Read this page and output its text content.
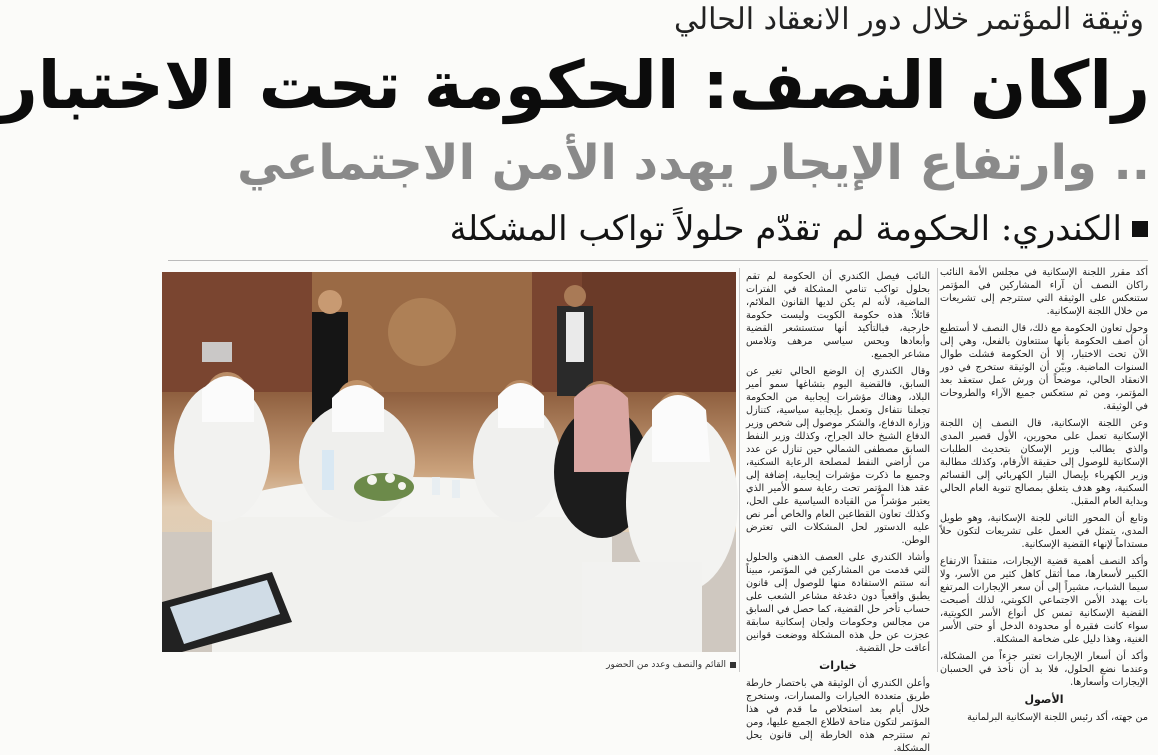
وثيقة المؤتمر خلال دور الانعقاد الحالي
راكان النصف: الحكومة تحت الاختبار
.. وارتفاع الإيجار يهدد الأمن الاجتماعي
الكندري: الحكومة لم تقدّم حلولاً تواكب المشكلة

أكد مقرر اللجنة الإسكانية في مجلس الأمة النائب راكان النصف أن آراء المشاركين في المؤتمر ستنعكس على الوثيقة التي ستترجم إلى تشريعات من خلال اللجنة الإسكانية.

وحول تعاون الحكومة مع ذلك، قال النصف لا أستطيع أن أصف الحكومة بأنها ستتعاون بالفعل، وهي إلى الآن تحت الاختبار، إلا أن الحكومة فشلت طوال السنوات الماضية. وبيّن أن الوثيقة ستخرج في دور الانعقاد الحالي، موضحاً أن ورش عمل ستعقد بعد المؤتمر، ومن ثم ستعكس جميع الآراء والطروحات في الوثيقة.

وعن اللجنة الإسكانية، قال النصف إن اللجنة الإسكانية تعمل على محورين، الأول قصير المدى والذي يطالب وزير الإسكان بتحديث الطلبات الإسكانية للوصول إلى حقيقة الأرقام، وكذلك مطالبة وزير الكهرباء بإيصال التيار الكهربائي إلى القسائم السكنية، وهو هدف يتعلق بمصالح تنوية العام الحالي وبداية العام المقبل.

وتابع أن المحور الثاني للجنة الإسكانية، وهو طويل المدى، يتمثل في العمل على تشريعات لتكون حلاً مستداماً لإنهاء القضية الإسكانية.

وأكد النصف أهمية قضية الإيجارات، منتقداً الارتفاع الكبير لأسعارها، مما أثقل كاهل كثير من الأسر، ولا سيما الشباب، مشيراً إلى أن سعر الإيجارات المرتفع بات يهدد الأمن الاجتماعي الكويتي، لذلك أصبحت القضية الإسكانية تمس كل أنواع الأسر الكويتية، سواء كانت فقيرة أو محدودة الدخل أو حتى الأسر الغنية، وهذا دليل على ضخامة المشكلة.

وأكد أن أسعار الإيجارات تعتبر جزءاً من المشكلة، وعندما نضع الحلول، فلا بد أن نأخذ في الحسبان الإيجارات وأسعارها.

الأصول

من جهته، أكد رئيس اللجنة الإسكانية البرلمانية

النائب فيصل الكندري أن الحكومة لم تقم بحلول تواكب تنامي المشكلة في الفترات الماضية، لأنه لم يكن لديها القانون الملائم، قائلاً: هذه حكومة الكويت وليست حكومة خارجية، فبالتأكيد أنها ستستشعر القضية وأبعادها ويحس سياسي مرهف وتلامس مشاعر الجميع.

وقال الكندري إن الوضع الحالي تغير عن السابق، فالقضية اليوم بتشاغها سمو أمير البلاد، وهناك مؤشرات إيجابية من الحكومة تجعلنا نتفاءل وتعمل بإيجابية سياسية، كتنازل وزارة الدفاع، والشكر موصول إلى شخص وزير الدفاع الشيخ خالد الجراح، وكذلك وزير النفط السابق مصطفى الشمالي حين تنازل عن عدد من أراضي النفط لمصلحة الرعاية السكنية، وجميع ما ذكرت مؤشرات إيجابية، إضافة إلى عقد هذا المؤتمر تحت رعاية سمو الأمير الذي يعتبر مؤشراً من القيادة السياسية على الحل، وكذلك تعاون القطاعين العام والخاص أمر نص عليه الدستور لحل المشكلات التي تعترض الوطن.

وأشاد الكندري على العصف الذهني والحلول التي قدمت من المشاركين في المؤتمر، مبيناً أنه ستتم الاستفادة منها للوصول إلى قانون يطبق واقعياً دون دغدغة مشاعر الشعب على حساب تأخر حل القضية، كما حصل في السابق من مجالس وحكومات ولجان إسكانية سابقة عجزت عن حل هذه المشكلة ووضعت قوانين أعاقت حل القضية.

خيارات

وأعلن الكندري أن الوثيقة هي باختصار خارطة طريق متعددة الخيارات والمسارات، وستخرج خلال أيام بعد استخلاص ما قدم في هذا المؤتمر لتكون متاحة لاطلاع الجميع عليها، ومن ثم ستترجم هذه الخارطة إلى قانون يحل المشكلة.

القائم والنصف وعدد من الحضور
